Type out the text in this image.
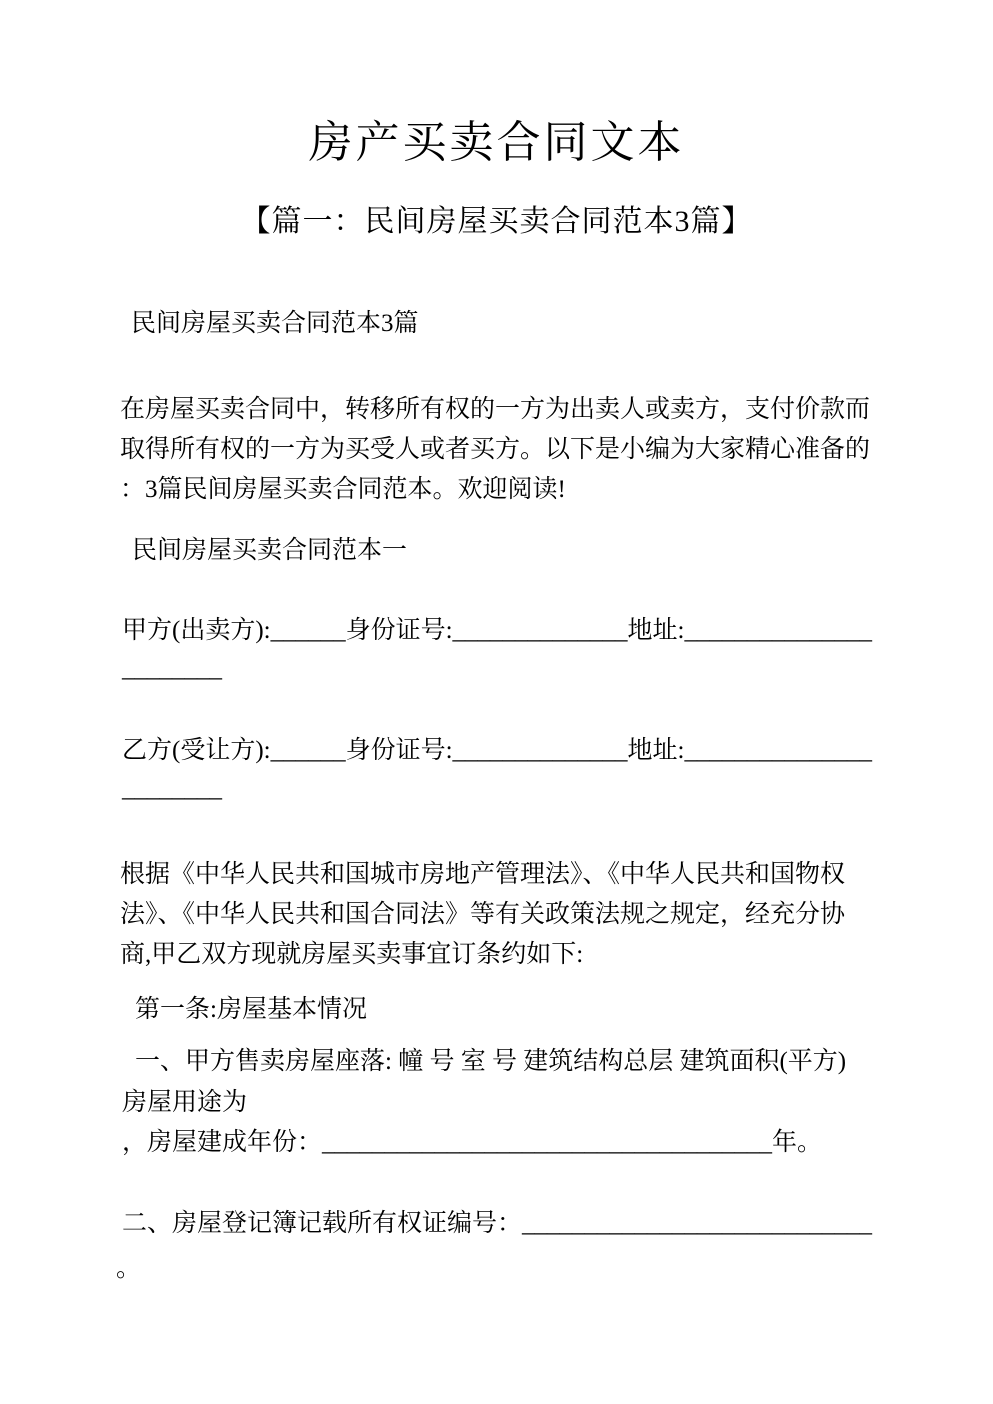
房产买卖合同文本
【篇一：民间房屋买卖合同范本3篇】
民间房屋买卖合同范本3篇
在房屋买卖合同中，转移所有权的一方为出卖人或卖方，支付价款而
取得所有权的一方为买受人或者买方。以下是小编为大家精心准备的
：3篇民间房屋买卖合同范本。欢迎阅读!
民间房屋买卖合同范本一
甲方(出卖方):______身份证号:______________地址:_______________
________
乙方(受让方):______身份证号:______________地址:_______________
________
根据《中华人民共和国城市房地产管理法》、《中华人民共和国物权
法》、《中华人民共和国合同法》等有关政策法规之规定，经充分协
商,甲乙双方现就房屋买卖事宜订条约如下:
第一条:房屋基本情况
一、甲方售卖房屋座落: 幢 号 室 号 建筑结构总层 建筑面积(平方)
房屋用途为
，房屋建成年份：____________________________________年。
二、房屋登记簿记载所有权证编号：____________________________
。
